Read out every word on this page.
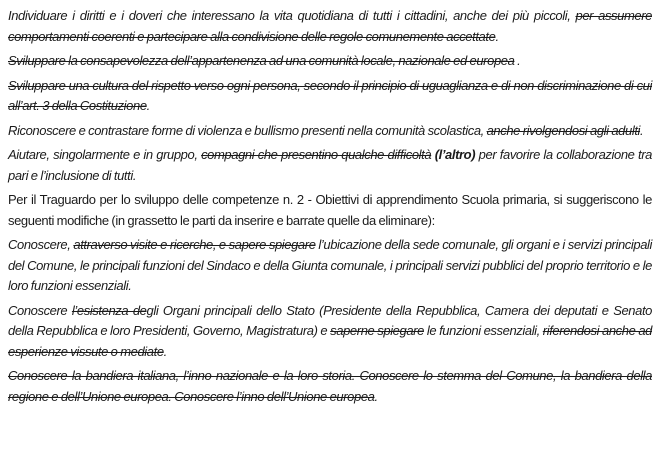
Individuare i diritti e i doveri che interessano la vita quotidiana di tutti i cittadini, anche dei più piccoli, per assumere comportamenti coerenti e partecipare alla condivisione delle regole comunemente accettate.

Sviluppare la consapevolezza dell’appartenenza ad una comunità locale, nazionale ed europea .

Sviluppare una cultura del rispetto verso ogni persona, secondo il principio di uguaglianza e di non discriminazione di cui all’art. 3 della Costituzione.

Riconoscere e contrastare forme di violenza e bullismo presenti nella comunità scolastica, anche rivolgendosi agli adulti.

Aiutare, singolarmente e in gruppo, compagni che presentino qualche difficoltà (l’altro) per favorire la collaborazione tra pari e l’inclusione di tutti.

Per il Traguardo per lo sviluppo delle competenze n. 2 - Obiettivi di apprendimento Scuola primaria, si suggeriscono le seguenti modifiche (in grassetto le parti da inserire e barrate quelle da eliminare):

Conoscere, attraverso visite e ricerche, e sapere spiegare l’ubicazione della sede comunale, gli organi e i servizi principali del Comune, le principali funzioni del Sindaco e della Giunta comunale, i principali servizi pubblici del proprio territorio e le loro funzioni essenziali.

Conoscere l’esistenza degli Organi principali dello Stato (Presidente della Repubblica, Camera dei deputati e Senato della Repubblica e loro Presidenti, Governo, Magistratura) e saperne spiegare le funzioni essenziali, riferendosi anche ad esperienze vissute o mediate.

Conoscere la bandiera italiana, l’inno nazionale e la loro storia. Conoscere lo stemma del Comune, la bandiera della regione e dell’Unione europea. Conoscere l’inno dell’Unione europea.
